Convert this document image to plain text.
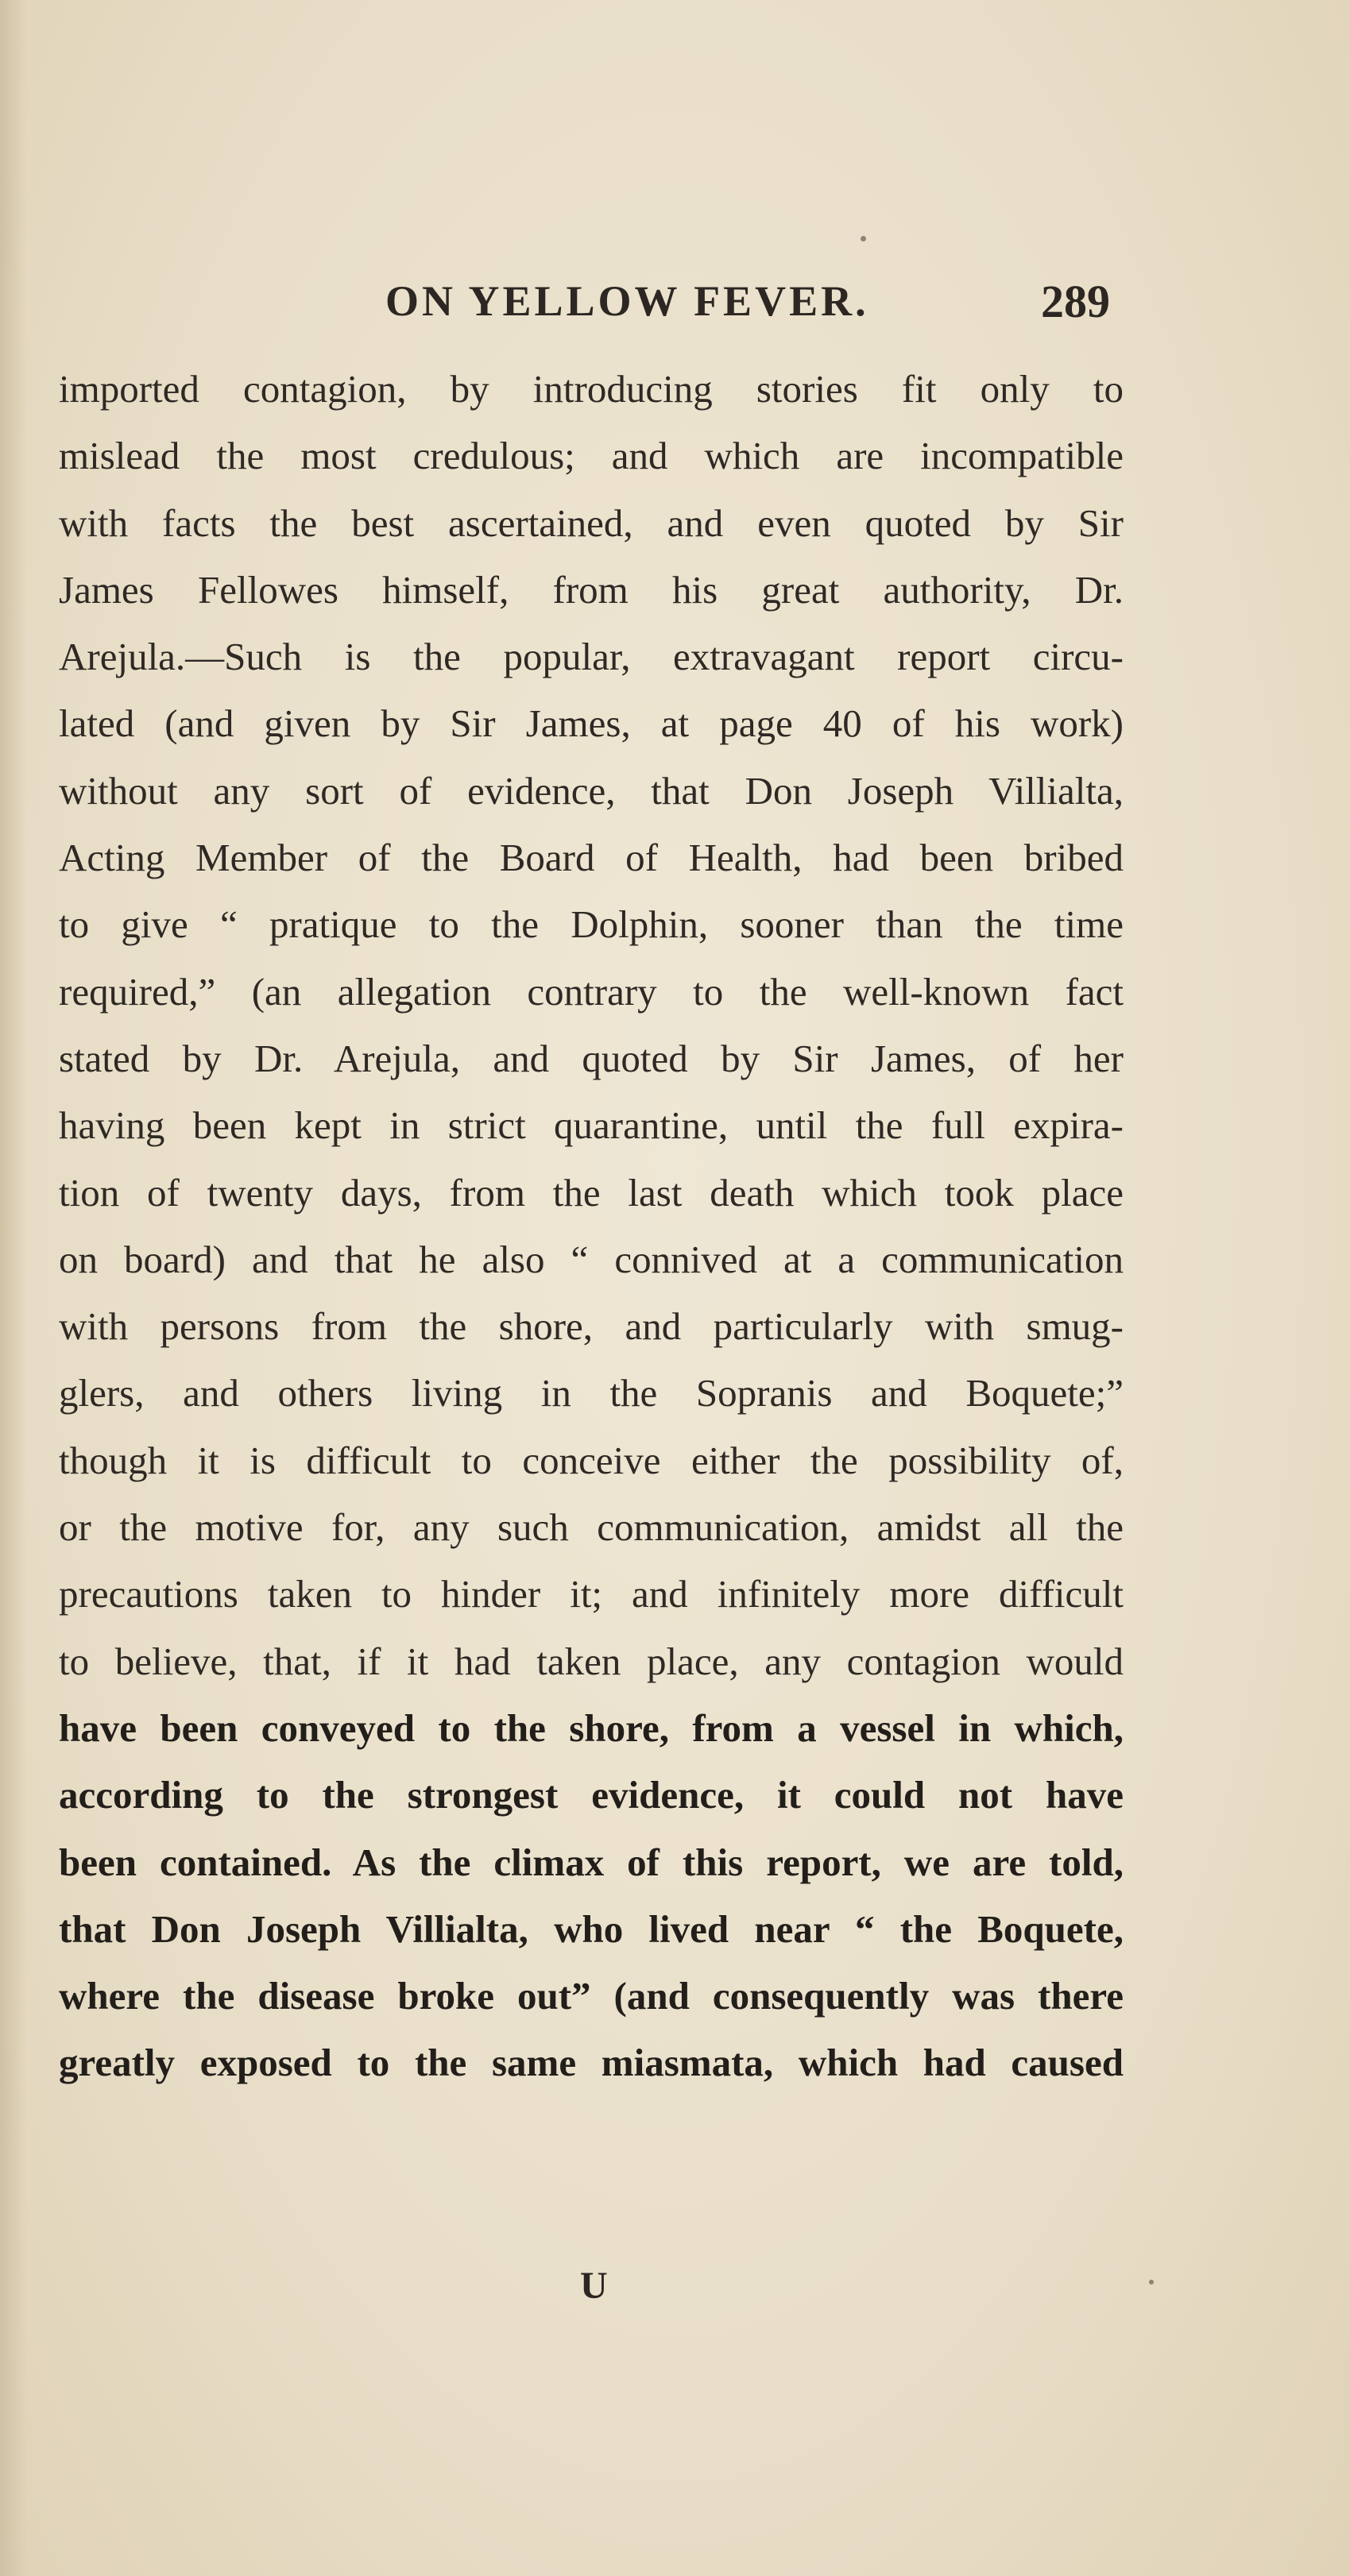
ON YELLOW FEVER.	289
imported contagion, by introducing stories fit only to
mislead the most credulous; and which are incompatible
with facts the best ascertained, and even quoted by Sir
James Fellowes himself, from his great authority, Dr.
Arejula.—Such is the popular, extravagant report circu-
lated (and given by Sir James, at page 40 of his work)
without any sort of evidence, that Don Joseph Villialta,
Acting Member of the Board of Health, had been bribed
to give “ pratique to the Dolphin, sooner than the time
required,” (an allegation contrary to the well-known fact
stated by Dr. Arejula, and quoted by Sir James, of her
having been kept in strict quarantine, until the full expira-
tion of twenty days, from the last death which took place
on board) and that he also “ connived at a communication
with persons from the shore, and particularly with smug-
glers, and others living in the Sopranis and Boquete;”
though it is difficult to conceive either the possibility of,
or the motive for, any such communication, amidst all the
precautions taken to hinder it; and infinitely more difficult
to believe, that, if it had taken place, any contagion would
have been conveyed to the shore, from a vessel in which,
according to the strongest evidence, it could not have
been contained. As the climax of this report, we are told,
that Don Joseph Villialta, who lived near “ the Boquete,
where the disease broke out” (and consequently was there
greatly exposed to the same miasmata, which had caused
U
